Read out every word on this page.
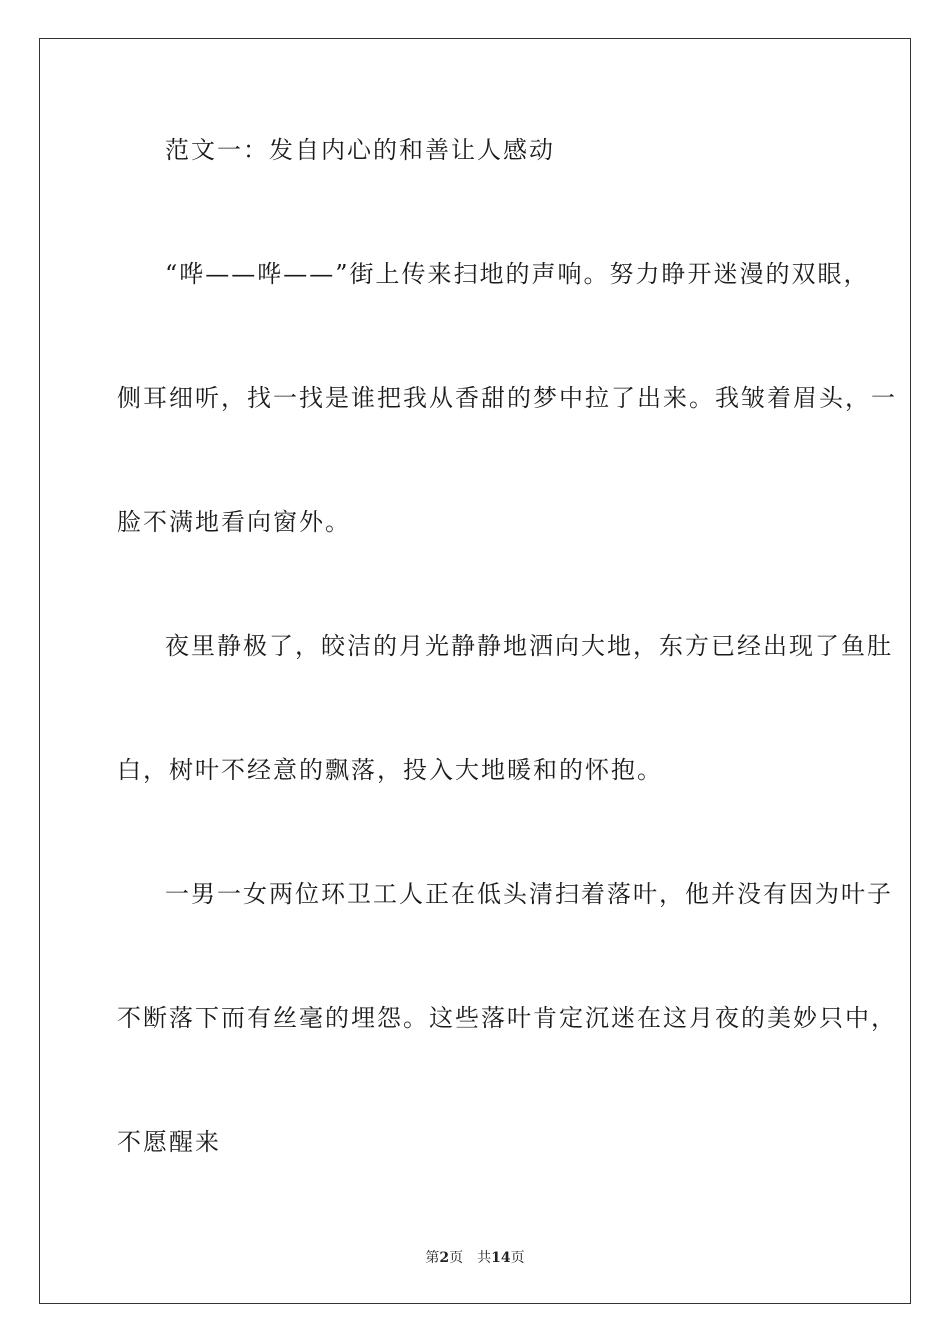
范文一：发自内心的和善让人感动
“哗——哗——”街上传来扫地的声响。努力睁开迷漫的双眼，
侧耳细听，找一找是谁把我从香甜的梦中拉了出来。我皱着眉头，一
脸不满地看向窗外。
夜里静极了，皎洁的月光静静地洒向大地，东方已经出现了鱼肚
白，树叶不经意的飘落，投入大地暖和的怀抱。
一男一女两位环卫工人正在低头清扫着落叶，他并没有因为叶子
不断落下而有丝毫的埋怨。这些落叶肯定沉迷在这月夜的美妙只中，
不愿醒来
第2页 共14页
